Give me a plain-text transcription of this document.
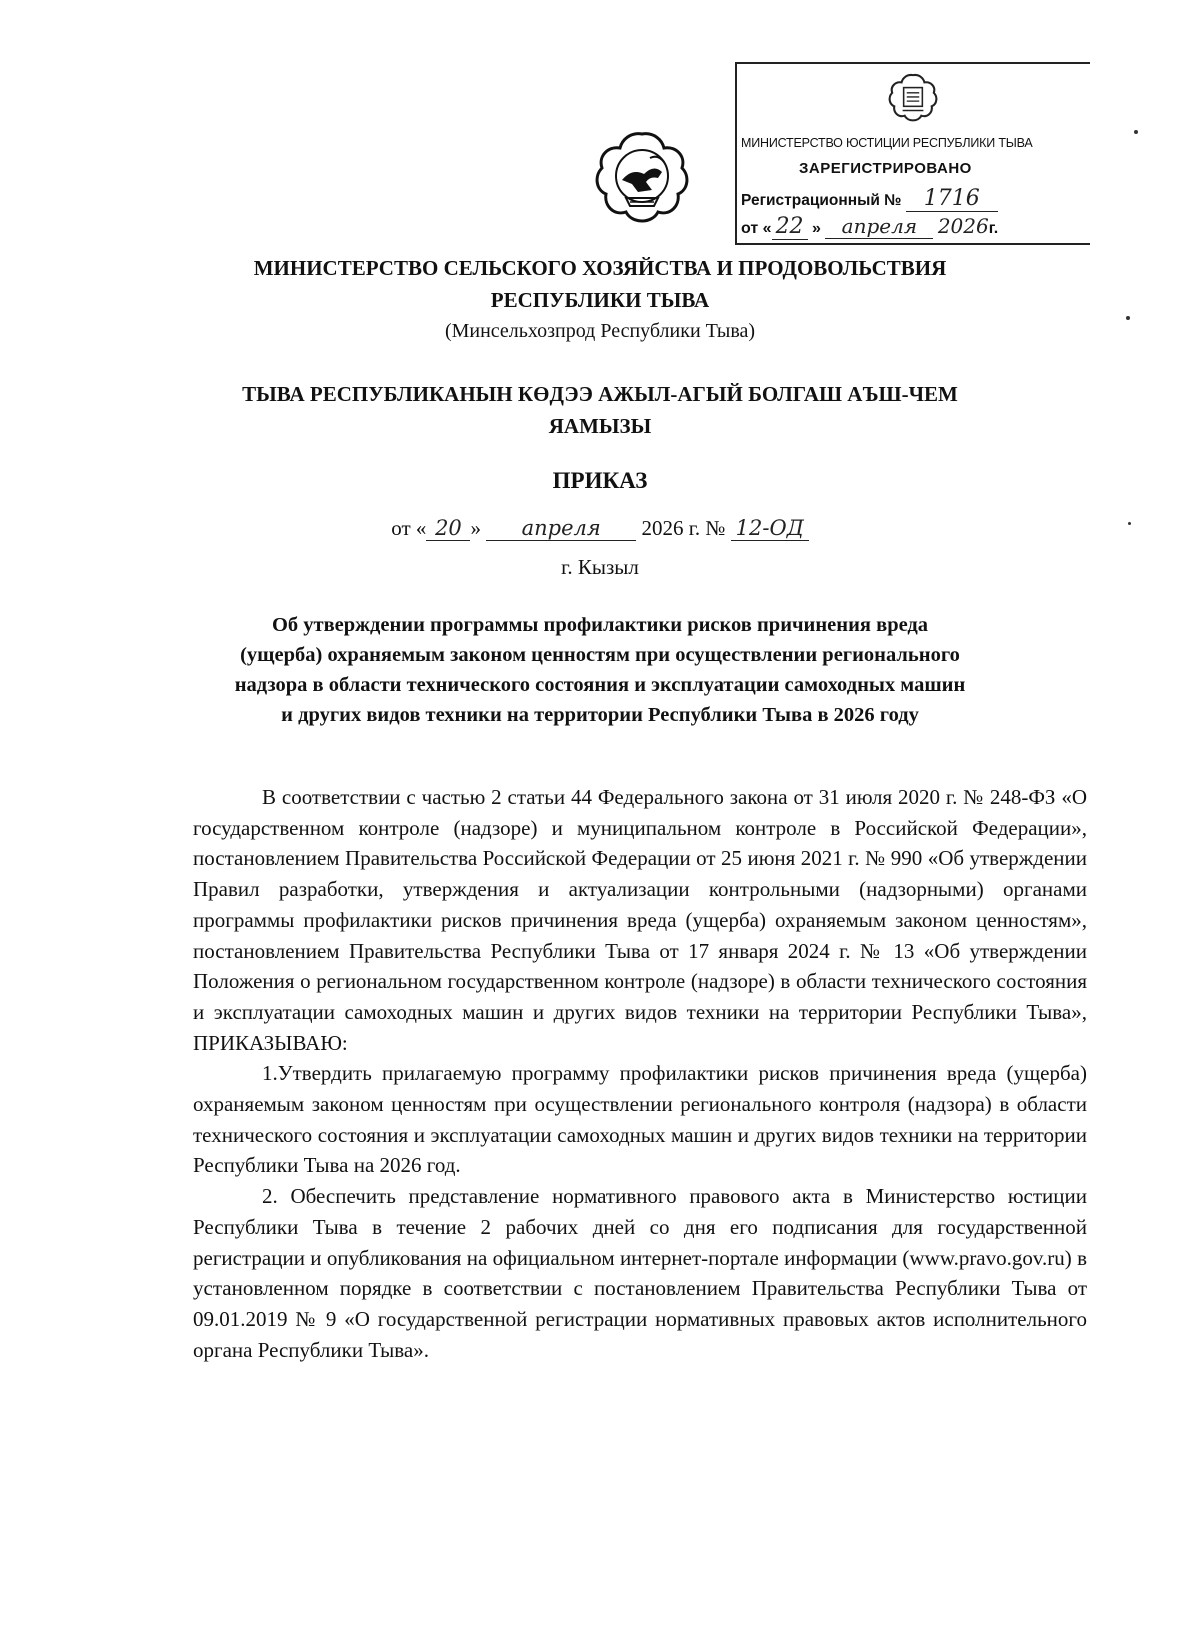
МИНИСТЕРСТВО ЮСТИЦИИ РЕСПУБЛИКИ ТЫВА
ЗАРЕГИСТРИРОВАНО
Регистрационный № 1716
от « 22 » апреля 2026г.
МИНИСТЕРСТВО СЕЛЬСКОГО ХОЗЯЙСТВА И ПРОДОВОЛЬСТВИЯ
РЕСПУБЛИКИ ТЫВА
(Минсельхозпрод Республики Тыва)
ТЫВА РЕСПУБЛИКАНЫН КӨДЭЭ АЖЫЛ-АГЫЙ БОЛГАШ АЪШ-ЧЕМ
ЯАМЫЗЫ
ПРИКАЗ
от « 20 » апреля 2026 г. № 12-ОД
г. Кызыл
Об утверждении программы профилактики рисков причинения вреда
(ущерба) охраняемым законом ценностям при осуществлении регионального
надзора в области технического состояния и эксплуатации самоходных машин
и других видов техники на территории Республики Тыва в 2026 году

В соответствии с частью 2 статьи 44 Федерального закона от 31 июля 2020 г. № 248-ФЗ «О государственном контроле (надзоре) и муниципальном контроле в Российской Федерации», постановлением Правительства Российской Федерации от 25 июня 2021 г. № 990 «Об утверждении Правил разработки, утверждения и актуализации контрольными (надзорными) органами программы профилактики рисков причинения вреда (ущерба) охраняемым законом ценностям», постановлением Правительства Республики Тыва от 17 января 2024 г. № 13 «Об утверждении Положения о региональном государственном контроле (надзоре) в области технического состояния и эксплуатации самоходных машин и других видов техники на территории Республики Тыва», ПРИКАЗЫВАЮ:

1.Утвердить прилагаемую программу профилактики рисков причинения вреда (ущерба) охраняемым законом ценностям при осуществлении регионального контроля (надзора) в области технического состояния и эксплуатации самоходных машин и других видов техники на территории Республики Тыва на 2026 год.

2. Обеспечить представление нормативного правового акта в Министерство юстиции Республики Тыва в течение 2 рабочих дней со дня его подписания для государственной регистрации и опубликования на официальном интернет-портале информации (www.pravo.gov.ru) в установленном порядке в соответствии с постановлением Правительства Республики Тыва от 09.01.2019 № 9 «О государственной регистрации нормативных правовых актов исполнительного органа Республики Тыва».
